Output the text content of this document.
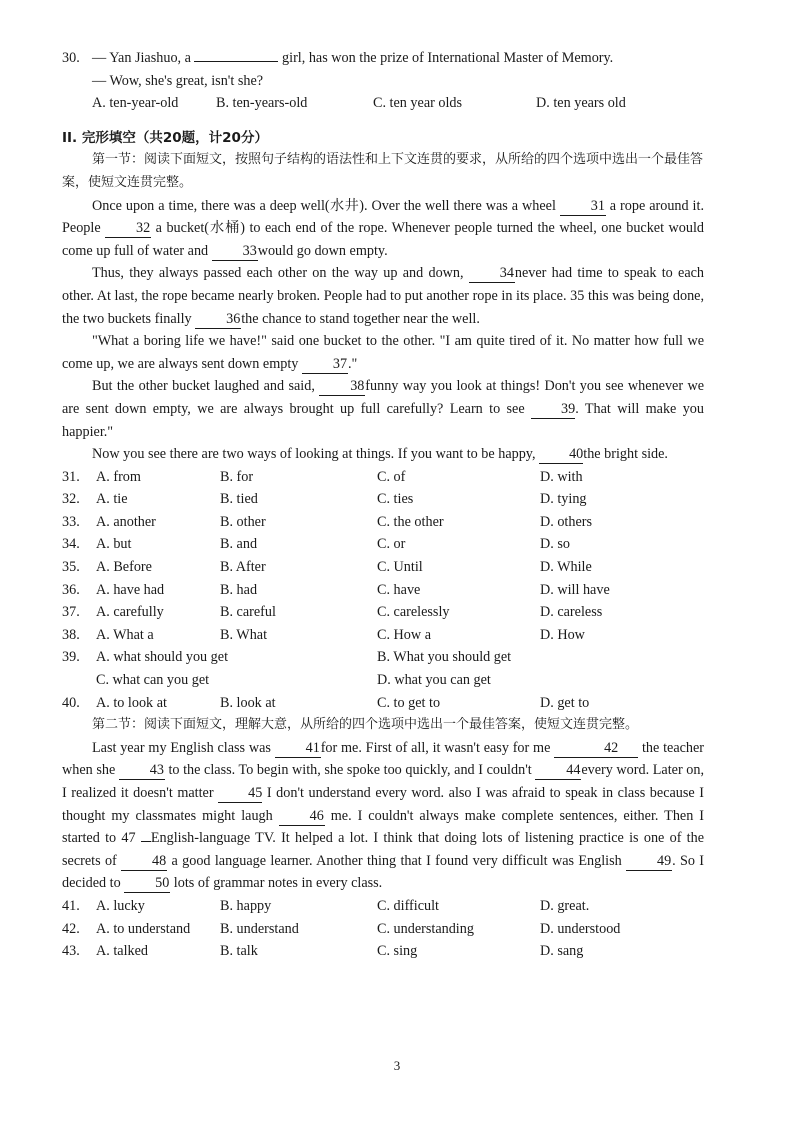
30. — Yan Jiashuo, a	girl, has won the prize of International Master of Memory.
— Wow, she's great, isn't she?
A. ten-year-old	B. ten-years-old	C. ten year olds	D. ten years old
II. 完形填空（共20题，计20分）

第一节：阅读下面短文，按照句子结构的语法性和上下文连贯的要求，从所给的四个选项中选出一个最佳答案，使短文连贯完整。

Once upon a time, there was a deep well(水井). Over the well there was a wheel 31 a rope around it. People 32 a bucket(水桶) to each end of the rope. Whenever people turned the wheel, one bucket would come up full of water and 33would go down empty.

Thus, they always passed each other on the way up and down,	34never had time to speak to each other. At last, the rope became nearly broken. People had to put another rope in its place. 35 this was being done, the two buckets finally 36the chance to stand together near the well.

"What a boring life we have!" said one bucket to the other. "I am quite tired of it. No matter how full we come up, we are always sent down empty 37."

But the other bucket laughed and said, 38funny way you look at things! Don't you see whenever we are sent down empty, we are always brought up full carefully? Learn to see	39. That will make you happier."

Now you see there are two ways of looking at things. If you want to be happy, 40the bright side.

31.	A. from	B. for	C. of	D. with
32.	A. tie	B. tied	C. ties	D. tying
33.	A. another	B. other	C. the other	D. others
34.	A. but	B. and	C. or	D. so
35.	A. Before	B. After	C. Until	D. While
36.	A. have had	B. had	C. have	D. will have
37.	A. carefully	B. careful	C. carelessly	D. careless
38.	A. What a	B. What	C. How a	D. How
39.	A. what should you get	B. What you should get
C. what can you get	D. what you can get
40.	A. to look at	B. look at	C. to get to	D. get to

第二节：阅读下面短文，理解大意，从所给的四个选项中选出一个最佳答案，使短文连贯完整。

Last year my English class was 41for me. First of all, it wasn't easy for me	42 the teacher when she 43 to the class. To begin with, she spoke too quickly, and I couldn't 44every word. Later on, I realized it doesn't matter 45 I don't understand every word. also I was afraid to speak in class because I thought my classmates might laugh	46 me. I couldn't always make complete sentences, either. Then I started to 47 English-language TV. It helped a lot. I think that doing lots of listening practice is one of the secrets of 48 a good language learner. Another thing that I found very difficult was English 49. So I decided to 50 lots of grammar notes in every class.

41.	A. lucky	B. happy	C. difficult	D. great.
42.	A. to understand	B. understand	C. understanding	D. understood
43.	A. talked	B. talk	C. sing	D. sang
3
